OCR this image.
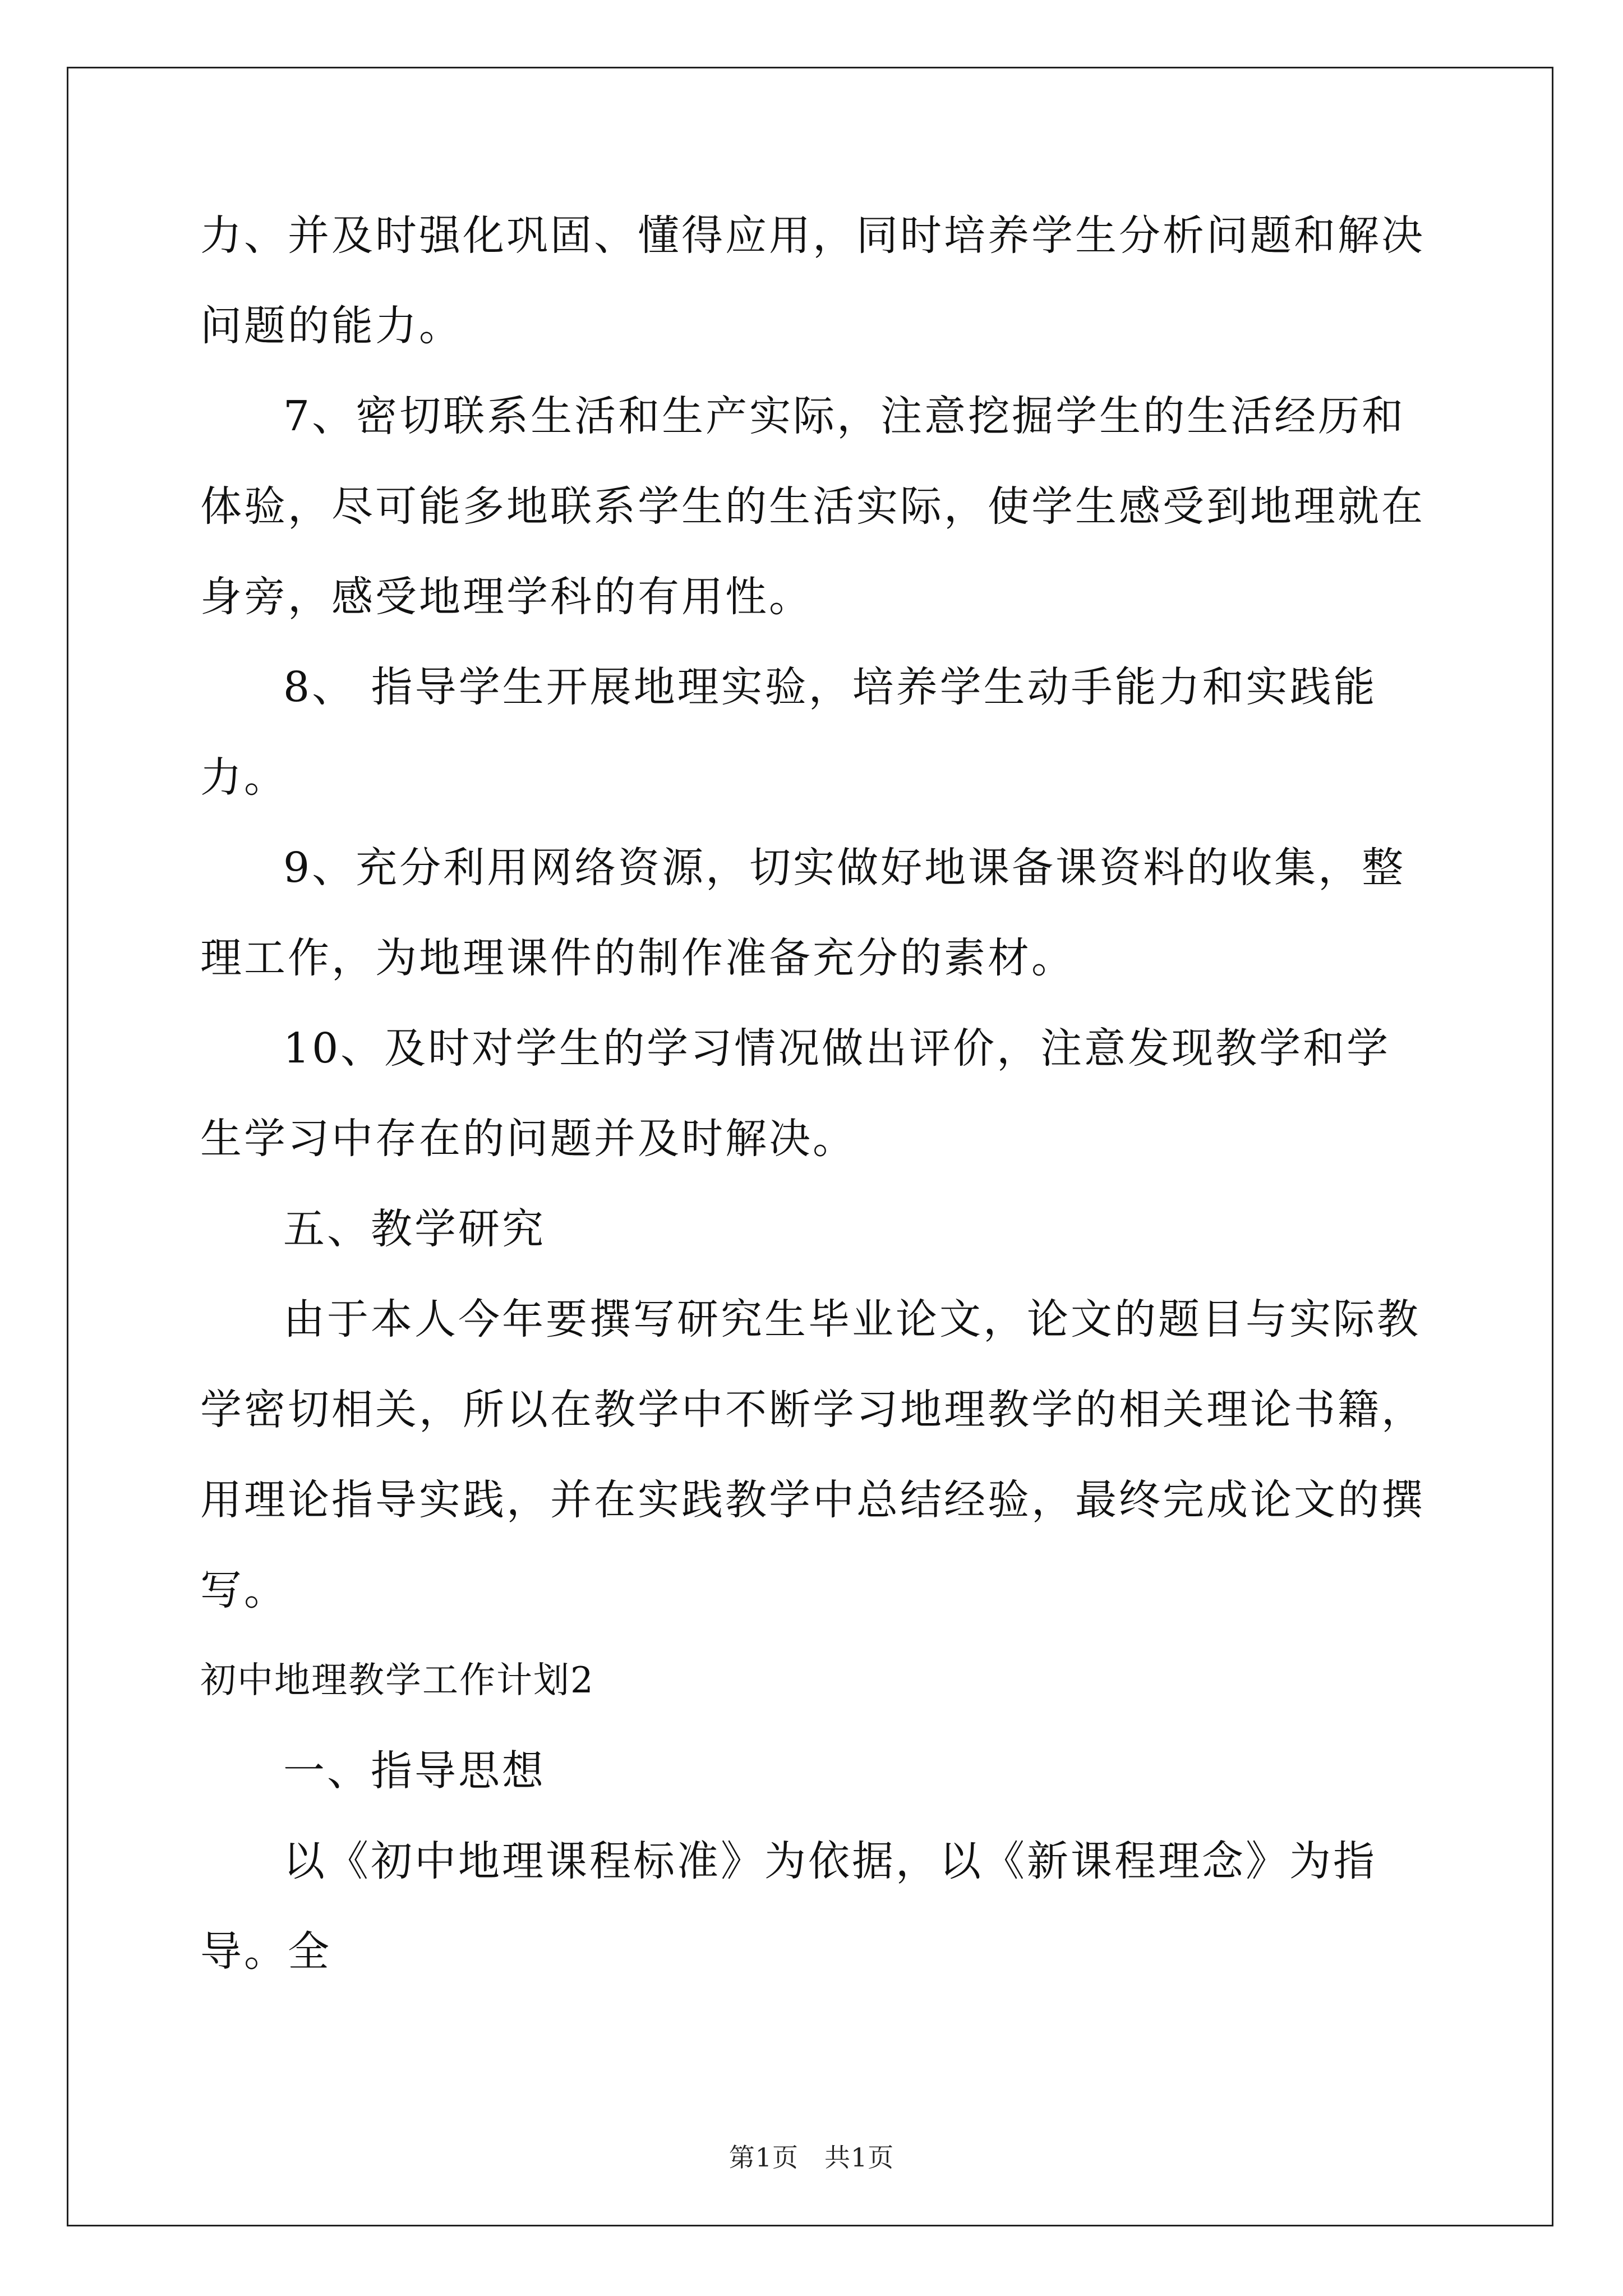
力、并及时强化巩固、懂得应用，同时培养学生分析问题和解决问题的能力。

7、密切联系生活和生产实际，注意挖掘学生的生活经历和体验，尽可能多地联系学生的生活实际，使学生感受到地理就在身旁，感受地理学科的有用性。

8、 指导学生开展地理实验，培养学生动手能力和实践能力。

9、充分利用网络资源，切实做好地课备课资料的收集，整理工作，为地理课件的制作准备充分的素材。

10、及时对学生的学习情况做出评价，注意发现教学和学生学习中存在的问题并及时解决。

五、教学研究

由于本人今年要撰写研究生毕业论文，论文的题目与实际教学密切相关，所以在教学中不断学习地理教学的相关理论书籍，用理论指导实践，并在实践教学中总结经验，最终完成论文的撰写。

初中地理教学工作计划2

一、指导思想

以《初中地理课程标准》为依据，以《新课程理念》为指导。全

第1页 共1页
